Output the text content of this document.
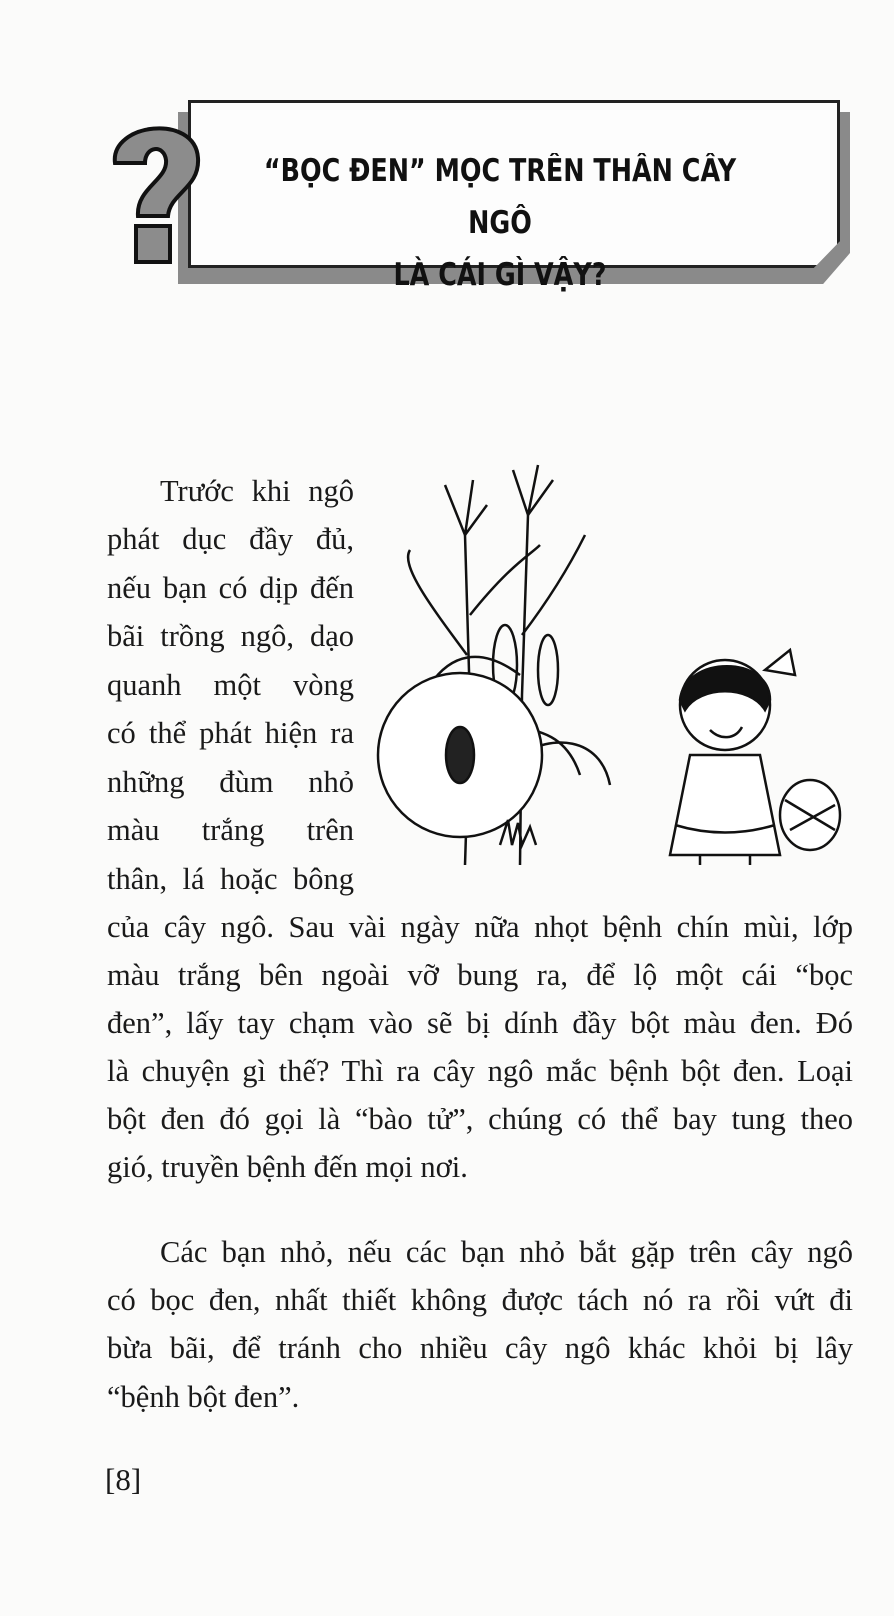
“BỌC ĐEN” MỌC TRÊN THÂN CÂY NGÔ
LÀ CÁI GÌ VẬY?
Trước khi ngô
phát dục đầy đủ,
nếu bạn có dịp đến
bãi trồng ngô, dạo
quanh một vòng
có thể phát hiện ra
những đùm nhỏ
màu trắng trên
thân, lá hoặc bông
của cây ngô. Sau vài ngày nữa nhọt bệnh chín mùi, lớp
màu trắng bên ngoài vỡ bung ra, để lộ một cái “bọc
đen”, lấy tay chạm vào sẽ bị dính đầy bột màu đen. Đó
là chuyện gì thế? Thì ra cây ngô mắc bệnh bột đen. Loại
bột đen đó gọi là “bào tử”, chúng có thể bay tung theo
gió, truyền bệnh đến mọi nơi.
Các bạn nhỏ, nếu các bạn nhỏ bắt gặp trên cây ngô
có bọc đen, nhất thiết không được tách nó ra rồi vứt đi
bừa bãi, để tránh cho nhiều cây ngô khác khỏi bị lây
“bệnh bột đen”.
[8]
